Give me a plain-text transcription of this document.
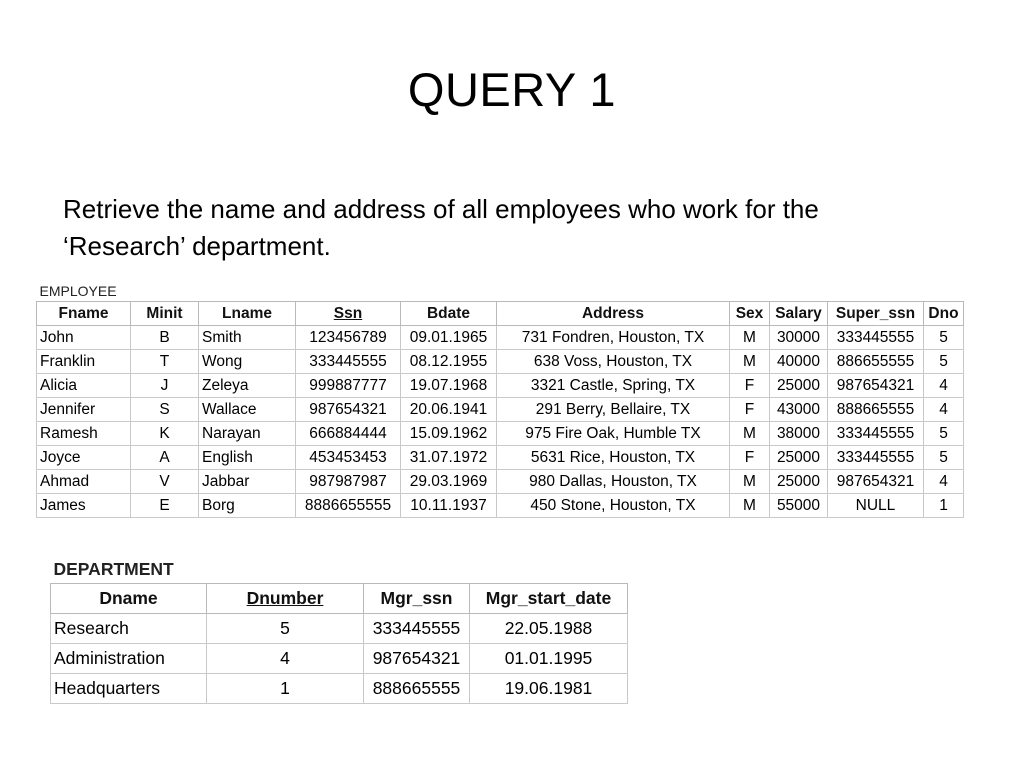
QUERY 1
Retrieve the name and address of all employees who work for the ‘Research’ department.
EMPLOYEE									
Fname	Minit	Lname	Ssn	Bdate	Address	Sex	Salary	Super_ssn	Dno
John	B	Smith	123456789	09.01.1965	731 Fondren, Houston, TX	M	30000	333445555	5
Franklin	T	Wong	333445555	08.12.1955	638 Voss, Houston, TX	M	40000	886655555	5
Alicia	J	Zeleya	999887777	19.07.1968	3321 Castle, Spring, TX	F	25000	987654321	4
Jennifer	S	Wallace	987654321	20.06.1941	291 Berry, Bellaire, TX	F	43000	888665555	4
Ramesh	K	Narayan	666884444	15.09.1962	975 Fire Oak, Humble TX	M	38000	333445555	5
Joyce	A	English	453453453	31.07.1972	5631 Rice, Houston, TX	F	25000	333445555	5
Ahmad	V	Jabbar	987987987	29.03.1969	980 Dallas, Houston, TX	M	25000	987654321	4
James	E	Borg	8886655555	10.11.1937	450 Stone, Houston, TX	M	55000	NULL	1
DEPARTMENT			
Dname	Dnumber	Mgr_ssn	Mgr_start_date
Research	5	333445555	22.05.1988
Administration	4	987654321	01.01.1995
Headquarters	1	888665555	19.06.1981
